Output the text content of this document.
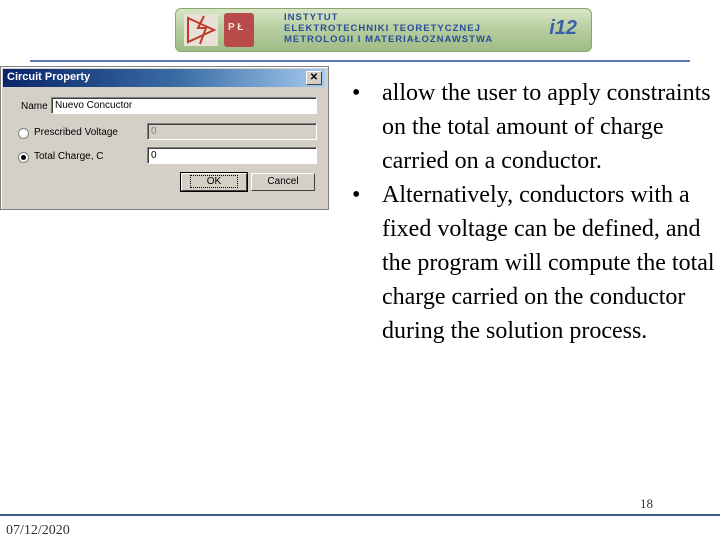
P Ł
INSTYTUT
ELEKTROTECHNIKI TEORETYCZNEJ
METROLOGII I MATERIAŁOZNAWSTWA
i12
Circuit Property	✕
Name Nuevo Concuctor
Prescribed Voltage	0
Total Charge, C	0
OK	Cancel
• allow the user to apply constraints on the total amount of charge carried on a conductor.
• Alternatively, conductors with a fixed voltage can be defined, and the program will compute the total charge carried on the conductor during the solution process.
18
07/12/2020
